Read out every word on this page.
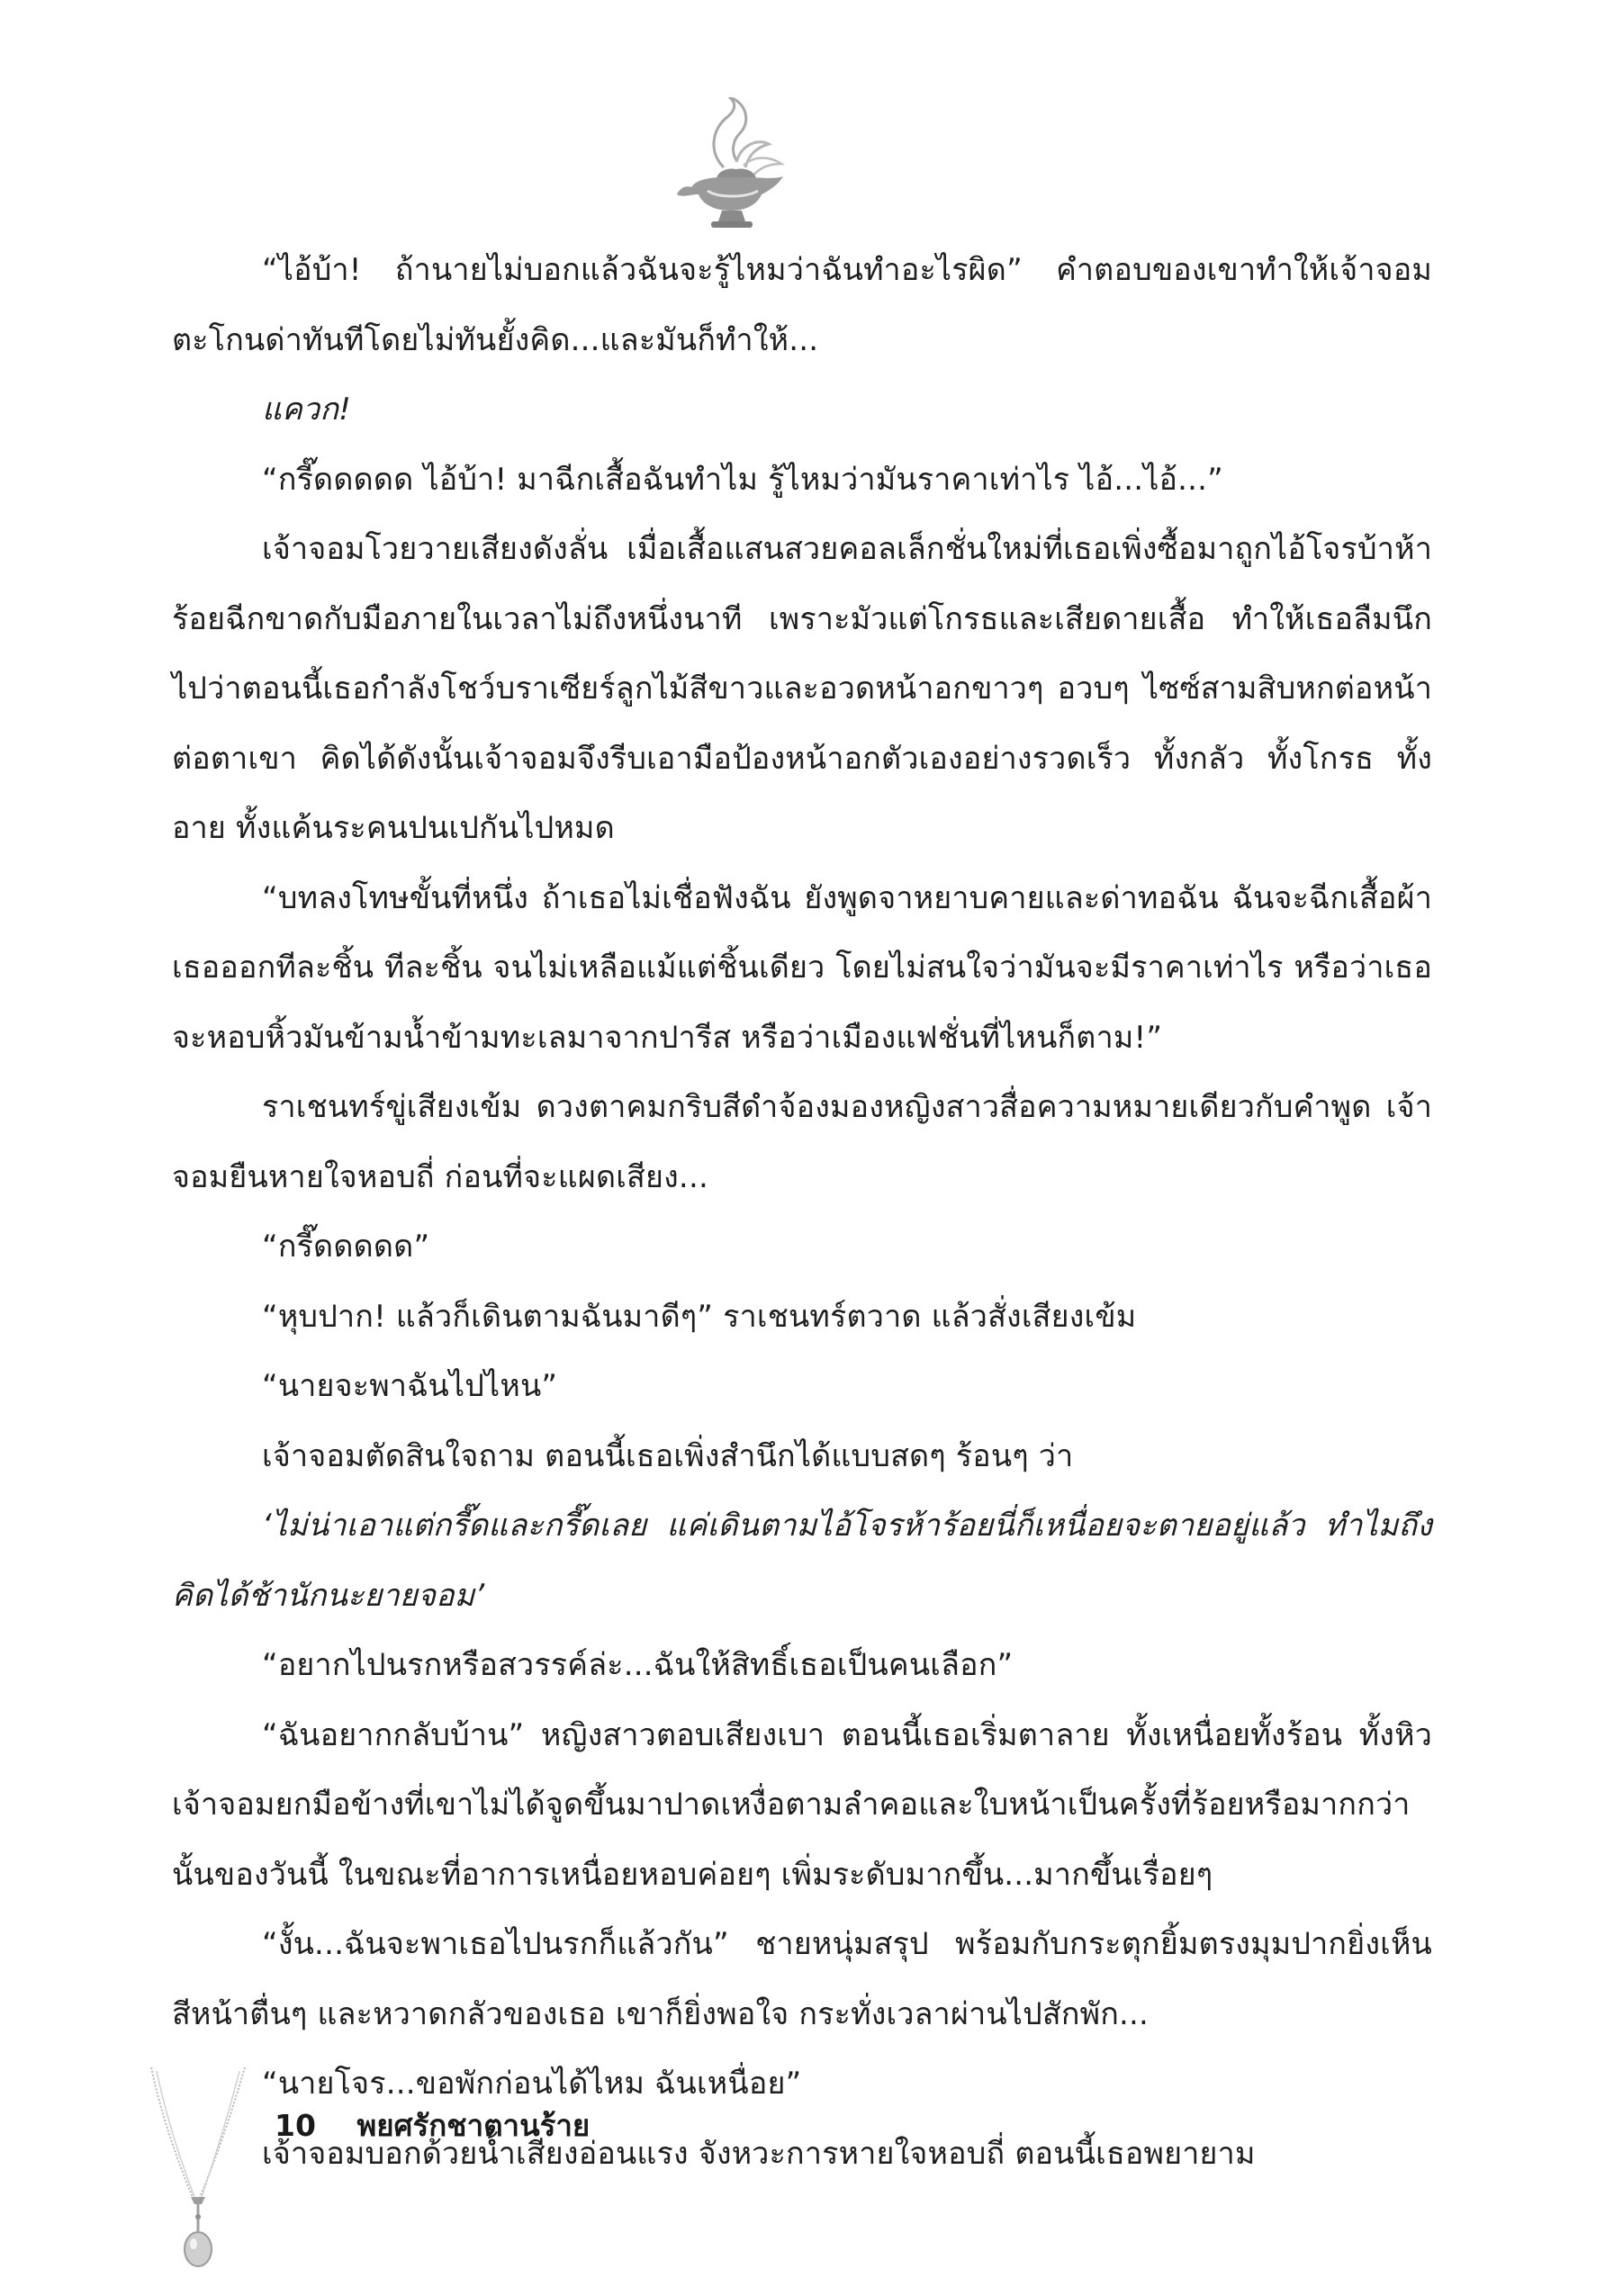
“ไอ้บ้า! ถ้านายไม่บอกแล้วฉันจะรู้ไหมว่าฉันทำอะไรผิด” คำตอบของเขาทำให้เจ้าจอมตะโกนด่าทันทีโดยไม่ทันยั้งคิด...และมันก็ทำให้...

แควก!

“กรี๊ดดดดด ไอ้บ้า! มาฉีกเสื้อฉันทำไม รู้ไหมว่ามันราคาเท่าไร ไอ้...ไอ้...”

เจ้าจอมโวยวายเสียงดังลั่น เมื่อเสื้อแสนสวยคอลเล็กชั่นใหม่ที่เธอเพิ่งซื้อมาถูกไอ้โจรบ้าห้าร้อยฉีกขาดกับมือภายในเวลาไม่ถึงหนึ่งนาที เพราะมัวแต่โกรธและเสียดายเสื้อ ทำให้เธอลืมนึกไปว่าตอนนี้เธอกำลังโชว์บราเซียร์ลูกไม้สีขาวและอวดหน้าอกขาวๆ อวบๆ ไซซ์สามสิบหกต่อหน้าต่อตาเขา คิดได้ดังนั้นเจ้าจอมจึงรีบเอามือป้องหน้าอกตัวเองอย่างรวดเร็ว ทั้งกลัว ทั้งโกรธ ทั้งอาย ทั้งแค้นระคนปนเปกันไปหมด

“บทลงโทษขั้นที่หนึ่ง ถ้าเธอไม่เชื่อฟังฉัน ยังพูดจาหยาบคายและด่าทอฉัน ฉันจะฉีกเสื้อผ้าเธอออกทีละชิ้น ทีละชิ้น จนไม่เหลือแม้แต่ชิ้นเดียว โดยไม่สนใจว่ามันจะมีราคาเท่าไร หรือว่าเธอจะหอบหิ้วมันข้ามน้ำข้ามทะเลมาจากปารีส หรือว่าเมืองแฟชั่นที่ไหนก็ตาม!”

ราเชนทร์ขู่เสียงเข้ม ดวงตาคมกริบสีดำจ้องมองหญิงสาวสื่อความหมายเดียวกับคำพูด เจ้าจอมยืนหายใจหอบถี่ ก่อนที่จะแผดเสียง...

“กรี๊ดดดดด”

“หุบปาก! แล้วก็เดินตามฉันมาดีๆ” ราเชนทร์ตวาด แล้วสั่งเสียงเข้ม

“นายจะพาฉันไปไหน”

เจ้าจอมตัดสินใจถาม ตอนนี้เธอเพิ่งสำนึกได้แบบสดๆ ร้อนๆ ว่า

‘ไม่น่าเอาแต่กรี๊ดและกรี๊ดเลย แค่เดินตามไอ้โจรห้าร้อยนี่ก็เหนื่อยจะตายอยู่แล้ว ทำไมถึงคิดได้ช้านักนะยายจอม’

“อยากไปนรกหรือสวรรค์ล่ะ...ฉันให้สิทธิ์เธอเป็นคนเลือก”

“ฉันอยากกลับบ้าน” หญิงสาวตอบเสียงเบา ตอนนี้เธอเริ่มตาลาย ทั้งเหนื่อยทั้งร้อน ทั้งหิว เจ้าจอมยกมือข้างที่เขาไม่ได้จูดขึ้นมาปาดเหงื่อตามลำคอและใบหน้าเป็นครั้งที่ร้อยหรือมากกว่านั้นของวันนี้ ในขณะที่อาการเหนื่อยหอบค่อยๆ เพิ่มระดับมากขึ้น...มากขึ้นเรื่อยๆ

“งั้น...ฉันจะพาเธอไปนรกก็แล้วกัน” ชายหนุ่มสรุป พร้อมกับกระตุกยิ้มตรงมุมปากยิ่งเห็นสีหน้าตื่นๆ และหวาดกลัวของเธอ เขาก็ยิ่งพอใจ กระทั่งเวลาผ่านไปสักพัก...

“นายโจร...ขอพักก่อนได้ไหม ฉันเหนื่อย”

เจ้าจอมบอกด้วยน้ำเสียงอ่อนแรง จังหวะการหายใจหอบถี่ ตอนนี้เธอพยายาม

10 พยศรักชาตานร้าย
